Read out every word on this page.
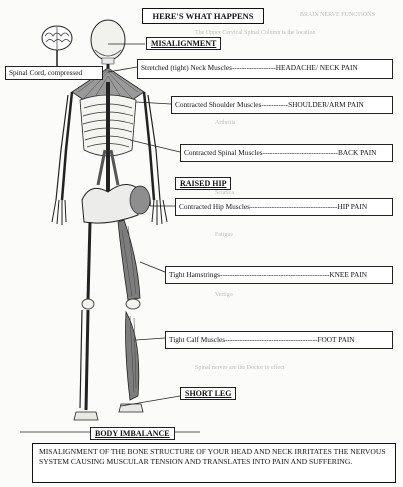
BRAIN NERVE FUNCTIONS
The Upper Cervical Spinal Column is the location
Arthritis
Sciatica
Fatigue
Vertigo
Spinal nerves are the Doctor to effect
HERE'S WHAT HAPPENS
MISALIGNMENT
Spinal Cord, compressed
Stretched (tight) Neck Muscles------------------HEADACHE/ NECK PAIN
Contracted Shoulder Muscles-----------SHOULDER/ARM PAIN
Contracted Spinal Muscles-------------------------------BACK PAIN
RAISED HIP
Contracted Hip Muscles------------------------------------HIP PAIN
Tight Hamstrings---------------------------------------------KNEE PAIN
Tight Calf Muscles--------------------------------------FOOT PAIN
SHORT LEG
BODY IMBALANCE
MISALIGNMENT OF THE BONE STRUCTURE OF YOUR HEAD AND NECK IRRITATES THE NERVOUS SYSTEM CAUSING MUSCULAR TENSION AND TRANSLATES INTO PAIN AND SUFFERING.
